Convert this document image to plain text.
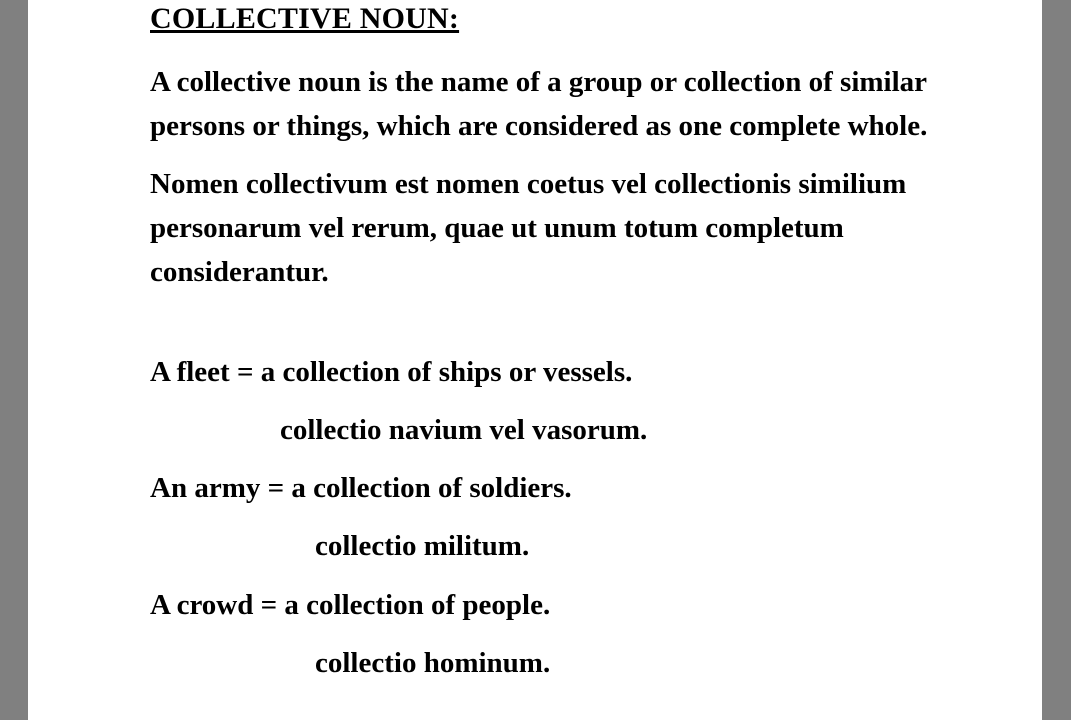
COLLECTIVE NOUN:

A collective noun is the name of a group or collection of similar persons or things, which are considered as one complete whole.

Nomen collectivum est nomen coetus vel collectionis similium personarum vel rerum, quae ut unum totum completum considerantur.

A fleet = a collection of ships or vessels.

collectio navium vel vasorum.

An army = a collection of soldiers.

collectio militum.

A crowd = a collection of people.

collectio hominum.
